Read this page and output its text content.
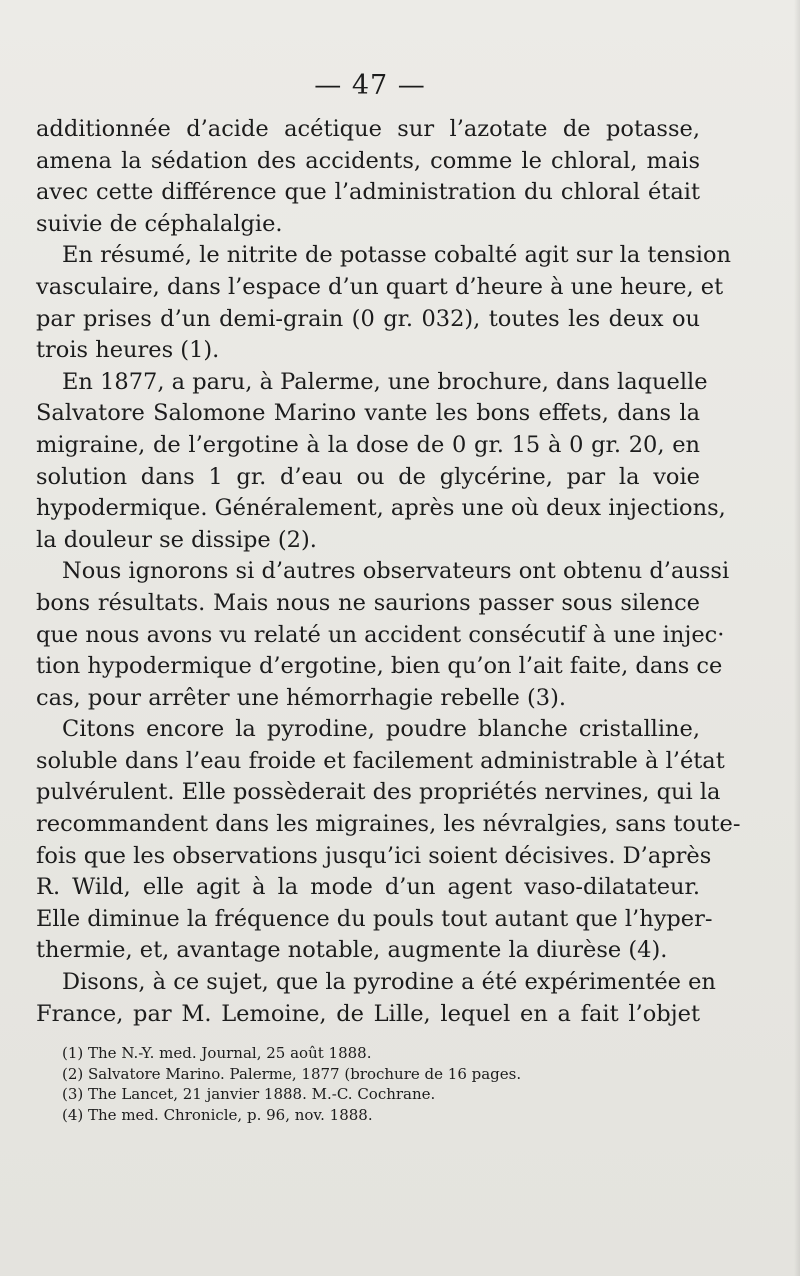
— 47 —
additionnée d’acide acétique sur l’azotate de potasse,
amena la sédation des accidents, comme le chloral, mais
avec cette différence que l’administration du chloral était
suivie de céphalalgie.
En résumé, le nitrite de potasse cobalté agit sur la tension
vasculaire, dans l’espace d’un quart d’heure à une heure, et
par prises d’un demi-grain (0 gr. 032), toutes les deux ou
trois heures (1).
En 1877, a paru, à Palerme, une brochure, dans laquelle
Salvatore Salomone Marino vante les bons effets, dans la
migraine, de l’ergotine à la dose de 0 gr. 15 à 0 gr. 20, en
solution dans 1 gr. d’eau ou de glycérine, par la voie
hypodermique. Généralement, après une où deux injections,
la douleur se dissipe (2).
Nous ignorons si d’autres observateurs ont obtenu d’aussi
bons résultats. Mais nous ne saurions passer sous silence
que nous avons vu relaté un accident consécutif à une injec·
tion hypodermique d’ergotine, bien qu’on l’ait faite, dans ce
cas, pour arrêter une hémorrhagie rebelle (3).
Citons encore la pyrodine, poudre blanche cristalline,
soluble dans l’eau froide et facilement administrable à l’état
pulvérulent. Elle possèderait des propriétés nervines, qui la
recommandent dans les migraines, les névralgies, sans toute-
fois que les observations jusqu’ici soient décisives. D’après
R. Wild, elle agit à la mode d’un agent vaso-dilatateur.
Elle diminue la fréquence du pouls tout autant que l’hyper-
thermie, et, avantage notable, augmente la diurèse (4).
Disons, à ce sujet, que la pyrodine a été expérimentée en
France, par M. Lemoine, de Lille, lequel en a fait l’objet
(1) The N.-Y. med. Journal, 25 août 1888.
(2) Salvatore Marino. Palerme, 1877 (brochure de 16 pages.
(3) The Lancet, 21 janvier 1888. M.-C. Cochrane.
(4) The med. Chronicle, p. 96, nov. 1888.
